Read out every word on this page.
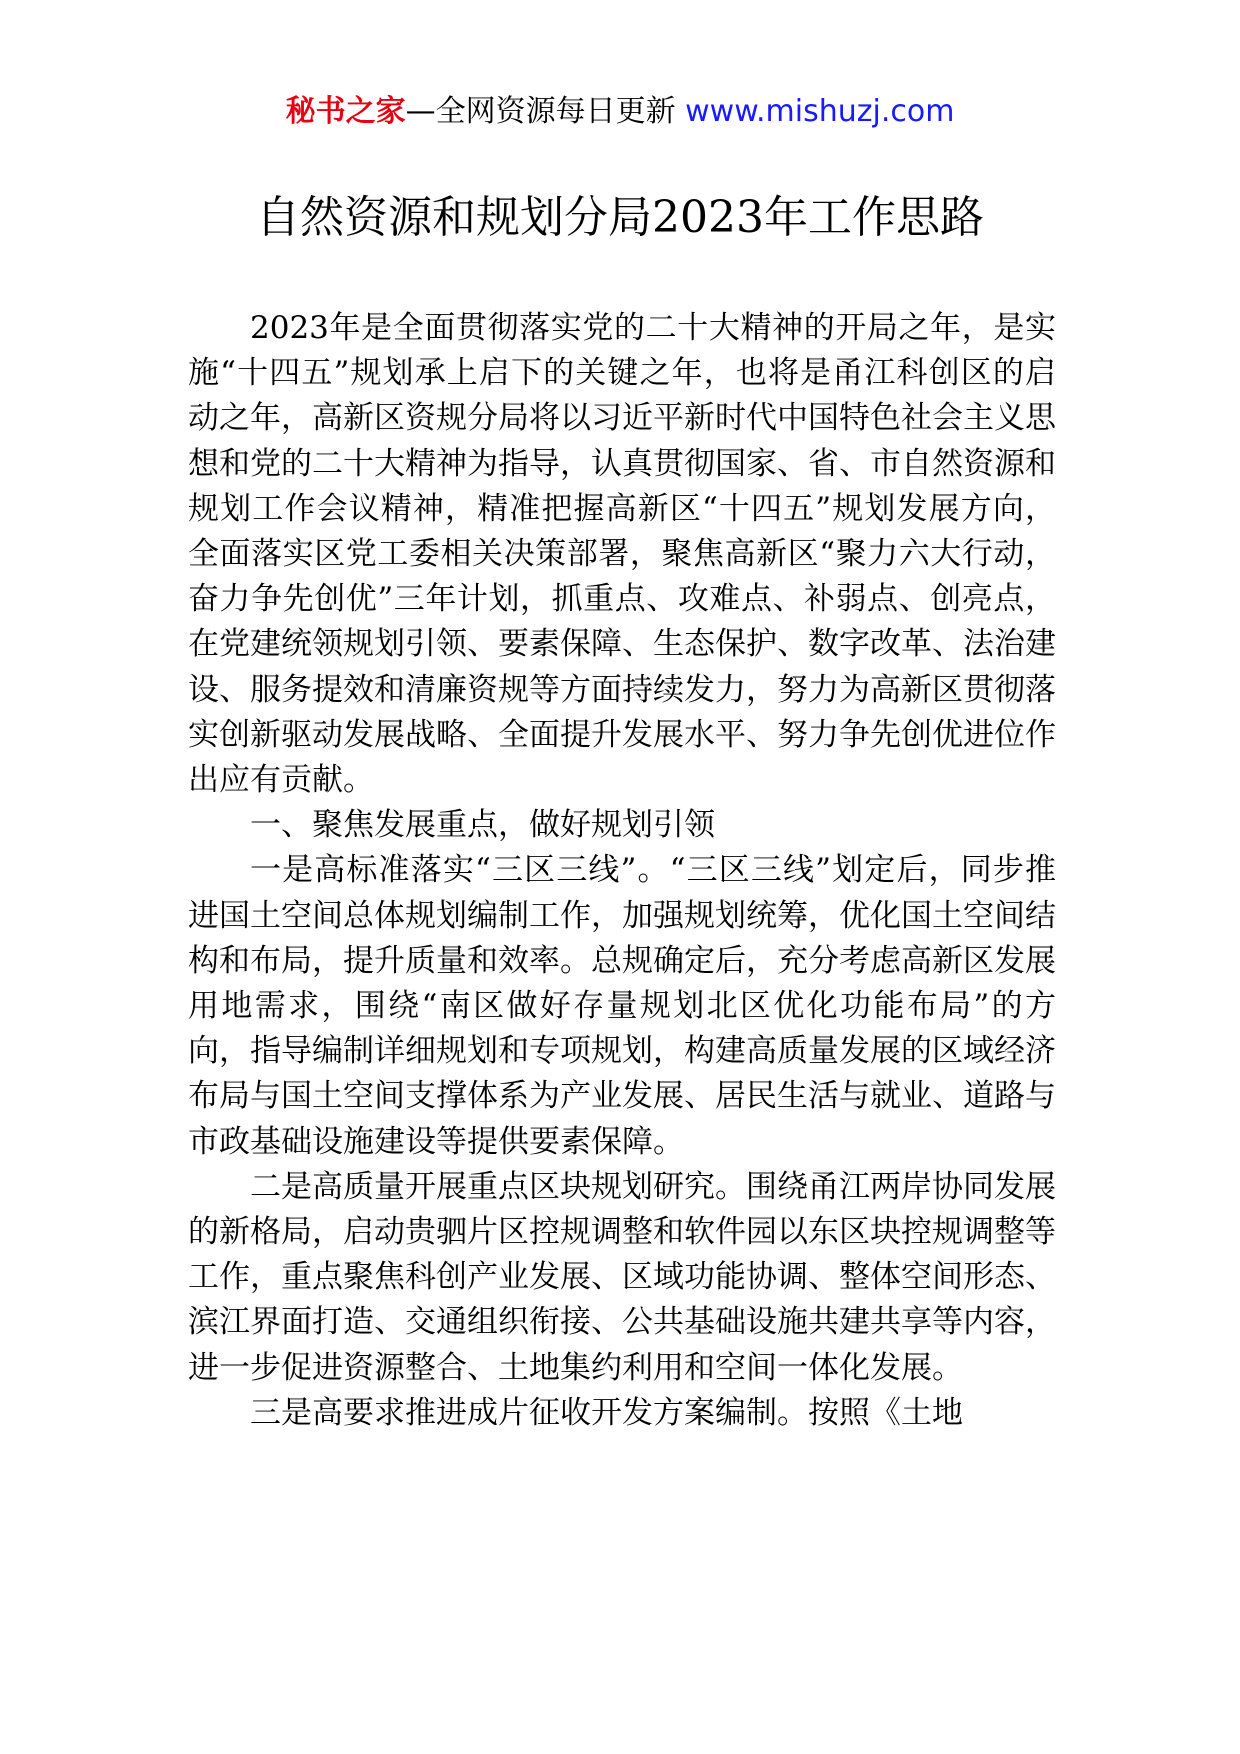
秘书之家—全网资源每日更新 www.mishuzj.com
自然资源和规划分局2023年工作思路

2023年是全面贯彻落实党的二十大精神的开局之年，是实施“十四五”规划承上启下的关键之年，也将是甬江科创区的启动之年，高新区资规分局将以习近平新时代中国特色社会主义思想和党的二十大精神为指导，认真贯彻国家、省、市自然资源和规划工作会议精神，精准把握高新区“十四五”规划发展方向，全面落实区党工委相关决策部署，聚焦高新区“聚力六大行动，奋力争先创优”三年计划，抓重点、攻难点、补弱点、创亮点，在党建统领规划引领、要素保障、生态保护、数字改革、法治建设、服务提效和清廉资规等方面持续发力，努力为高新区贯彻落实创新驱动发展战略、全面提升发展水平、努力争先创优进位作出应有贡献。

一、聚焦发展重点，做好规划引领

一是高标准落实“三区三线”。“三区三线”划定后，同步推进国土空间总体规划编制工作，加强规划统筹，优化国土空间结构和布局，提升质量和效率。总规确定后，充分考虑高新区发展用地需求，围绕“南区做好存量规划北区优化功能布局”的方向，指导编制详细规划和专项规划，构建高质量发展的区域经济布局与国土空间支撑体系为产业发展、居民生活与就业、道路与市政基础设施建设等提供要素保障。

二是高质量开展重点区块规划研究。围绕甬江两岸协同发展的新格局，启动贵驷片区控规调整和软件园以东区块控规调整等工作，重点聚焦科创产业发展、区域功能协调、整体空间形态、滨江界面打造、交通组织衔接、公共基础设施共建共享等内容，进一步促进资源整合、土地集约利用和空间一体化发展。

三是高要求推进成片征收开发方案编制。按照《土地
